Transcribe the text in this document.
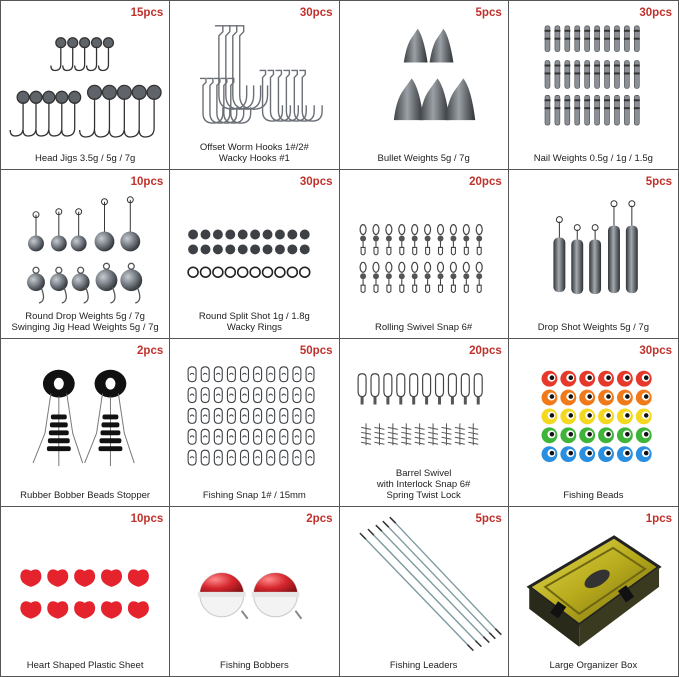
15pcs
Head Jigs 3.5g / 5g / 7g
30pcs
Offset Worm Hooks 1#/2#
Wacky Hooks #1
5pcs
Bullet Weights 5g / 7g
30pcs
Nail Weights 0.5g / 1g / 1.5g
10pcs
Round Drop Weights 5g / 7g
Swinging Jig Head Weights 5g / 7g
30pcs
Round Split Shot 1g / 1.8g
Wacky Rings
20pcs
Rolling Swivel Snap 6#
5pcs
Drop Shot Weights 5g / 7g
2pcs
Rubber Bobber Beads Stopper
50pcs
Fishing Snap 1# / 15mm
20pcs
Barrel Swivel
with Interlock Snap 6#
Spring Twist Lock
30pcs
Fishing Beads
10pcs
Heart Shaped Plastic Sheet
2pcs
Fishing Bobbers
5pcs
Fishing Leaders
1pcs
Large Organizer Box
